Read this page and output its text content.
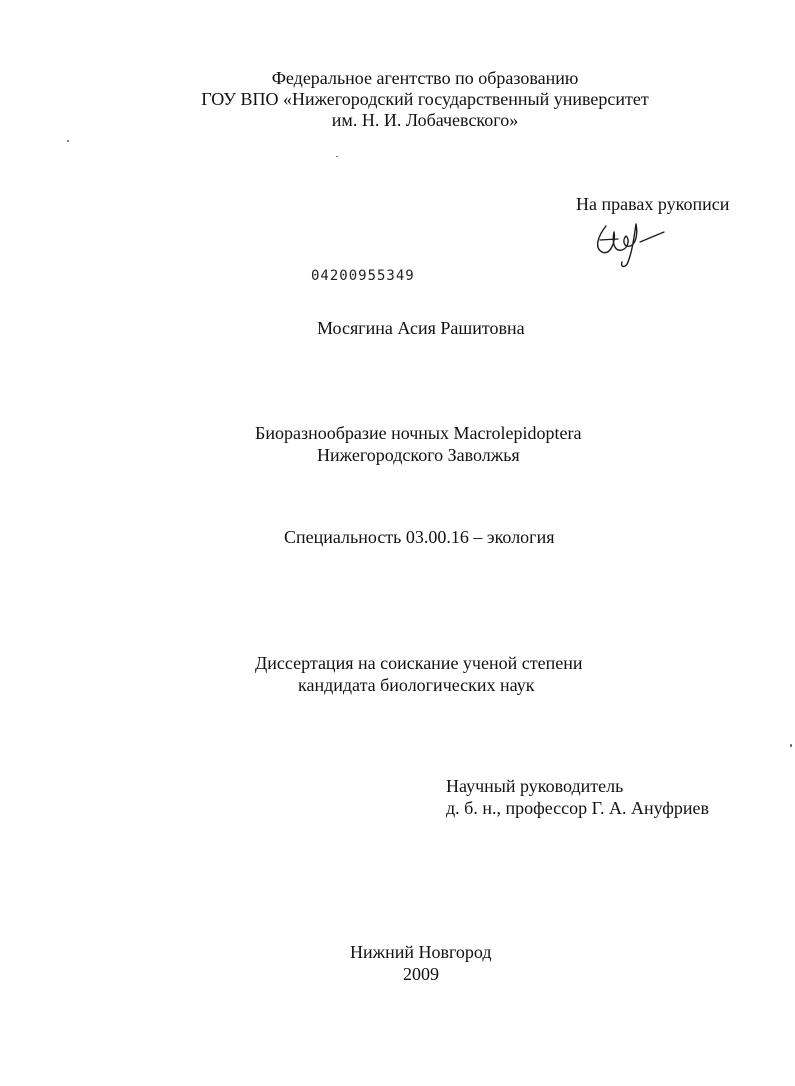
Федеральное агентство по образованию
ГОУ ВПО «Нижегородский государственный университет
им. Н. И. Лобачевского»
На правах рукописи
04200955349
Мосягина Асия Рашитовна
Биоразнообразие ночных Macrolepidoptera
Нижегородского Заволжья
Специальность 03.00.16 – экология
Диссертация на соискание ученой степени
кандидата биологических наук
Научный руководитель
д. б. н., профессор Г. А. Ануфриев
Нижний Новгород
2009
